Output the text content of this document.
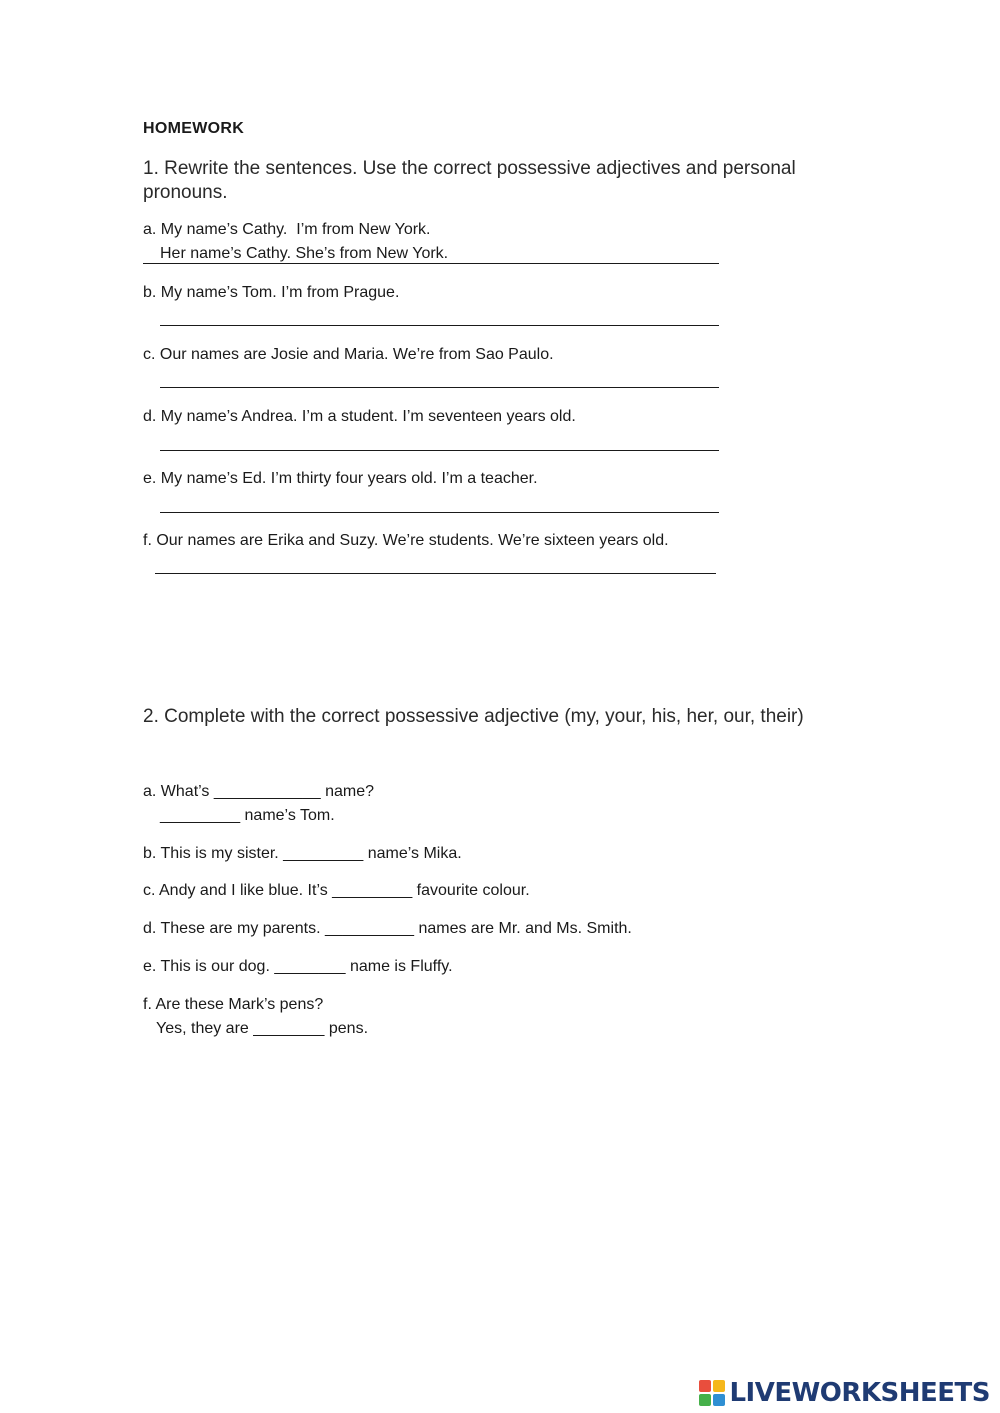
HOMEWORK
1. Rewrite the sentences. Use the correct possessive adjectives and personal pronouns.
a. My name’s Cathy.  I’m from New York.
Her name’s Cathy. She’s from New York.
b. My name’s Tom. I’m from Prague.
c. Our names are Josie and Maria. We’re from Sao Paulo.
d. My name’s Andrea. I’m a student. I’m seventeen years old.
e. My name’s Ed. I’m thirty four years old. I’m a teacher.
f. Our names are Erika and Suzy. We’re students. We’re sixteen years old.
2. Complete with the correct possessive adjective (my, your, his, her, our, their)
a. What’s ____________ name?
_________ name’s Tom.
b. This is my sister. _________ name’s Mika.
c. Andy and I like blue. It’s _________ favourite colour.
d. These are my parents. __________ names are Mr. and Ms. Smith.
e. This is our dog. ________ name is Fluffy.
f. Are these Mark’s pens?
Yes, they are ________ pens.
LIVEWORKSHEETS
